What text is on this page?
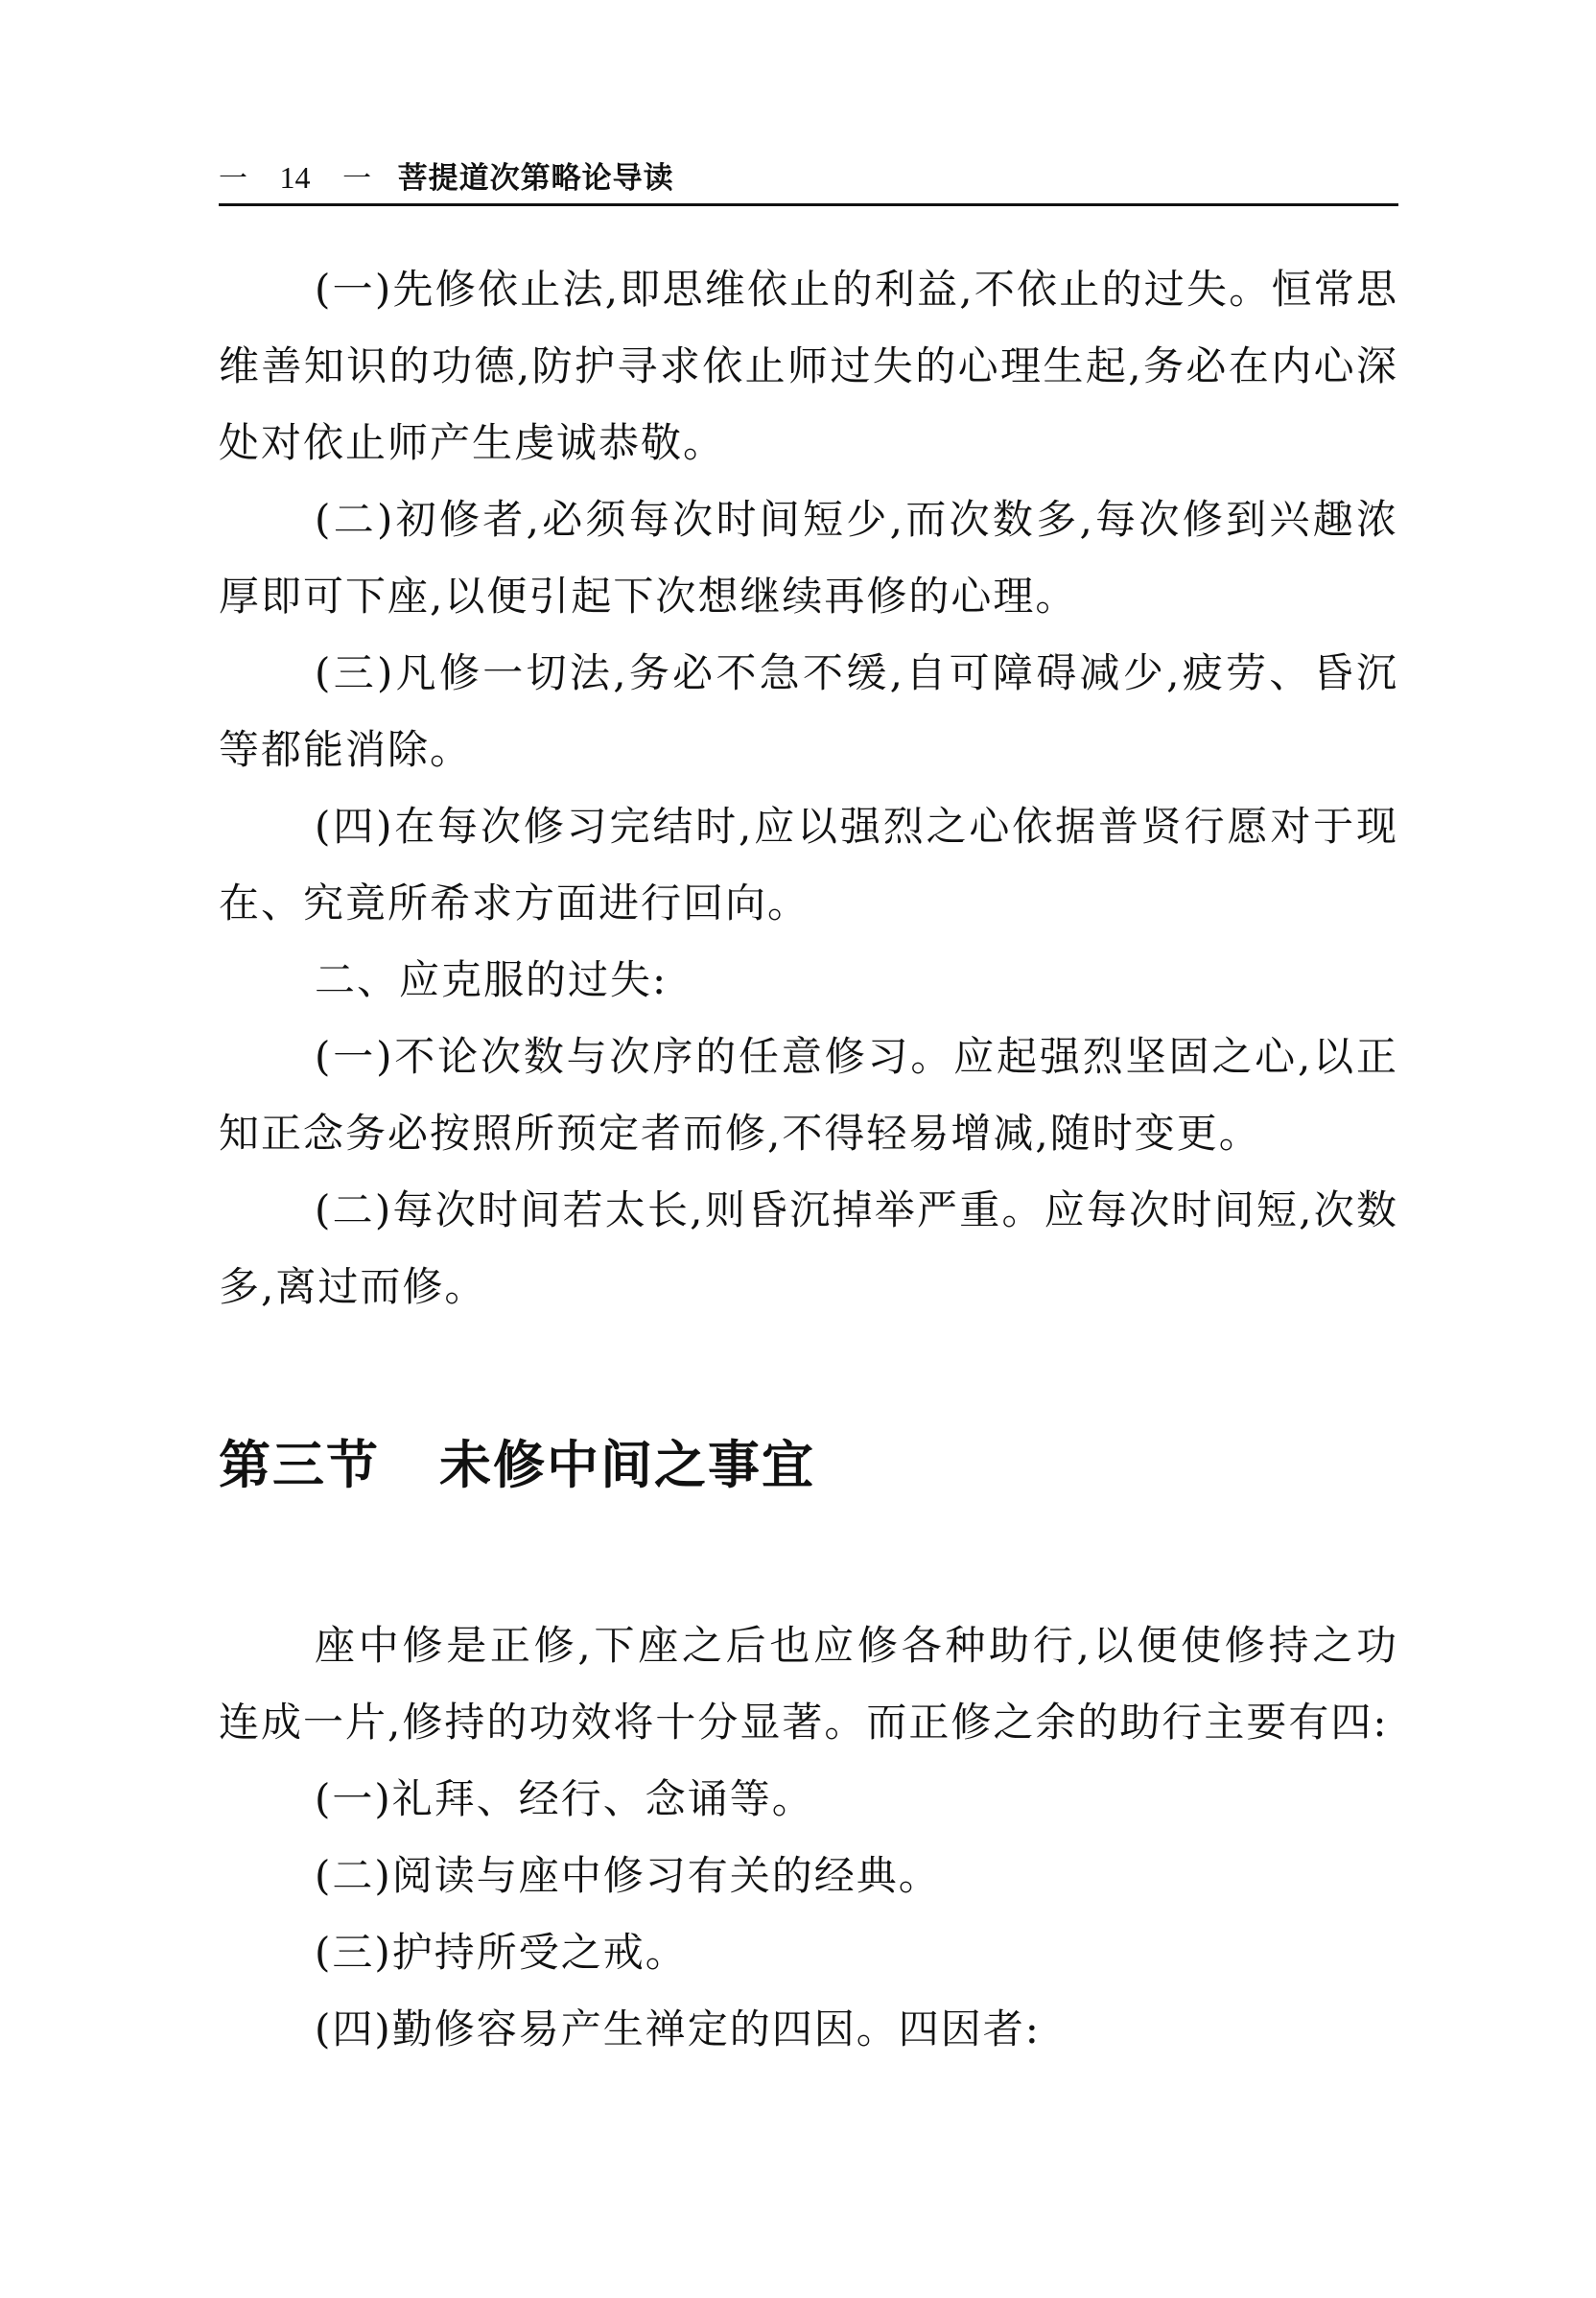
一 14 一 菩提道次第略论导读

(一)先修依止法,即思维依止的利益,不依止的过失。恒常思维善知识的功德,防护寻求依止师过失的心理生起,务必在内心深处对依止师产生虔诚恭敬。

(二)初修者,必须每次时间短少,而次数多,每次修到兴趣浓厚即可下座,以便引起下次想继续再修的心理。

(三)凡修一切法,务必不急不缓,自可障碍减少,疲劳、昏沉等都能消除。

(四)在每次修习完结时,应以强烈之心依据普贤行愿对于现在、究竟所希求方面进行回向。

二、应克服的过失:

(一)不论次数与次序的任意修习。应起强烈坚固之心,以正知正念务必按照所预定者而修,不得轻易增减,随时变更。

(二)每次时间若太长,则昏沉掉举严重。应每次时间短,次数多,离过而修。

第三节 未修中间之事宜

座中修是正修,下座之后也应修各种助行,以便使修持之功连成一片,修持的功效将十分显著。而正修之余的助行主要有四:

(一)礼拜、经行、念诵等。

(二)阅读与座中修习有关的经典。

(三)护持所受之戒。

(四)勤修容易产生禅定的四因。四因者:
